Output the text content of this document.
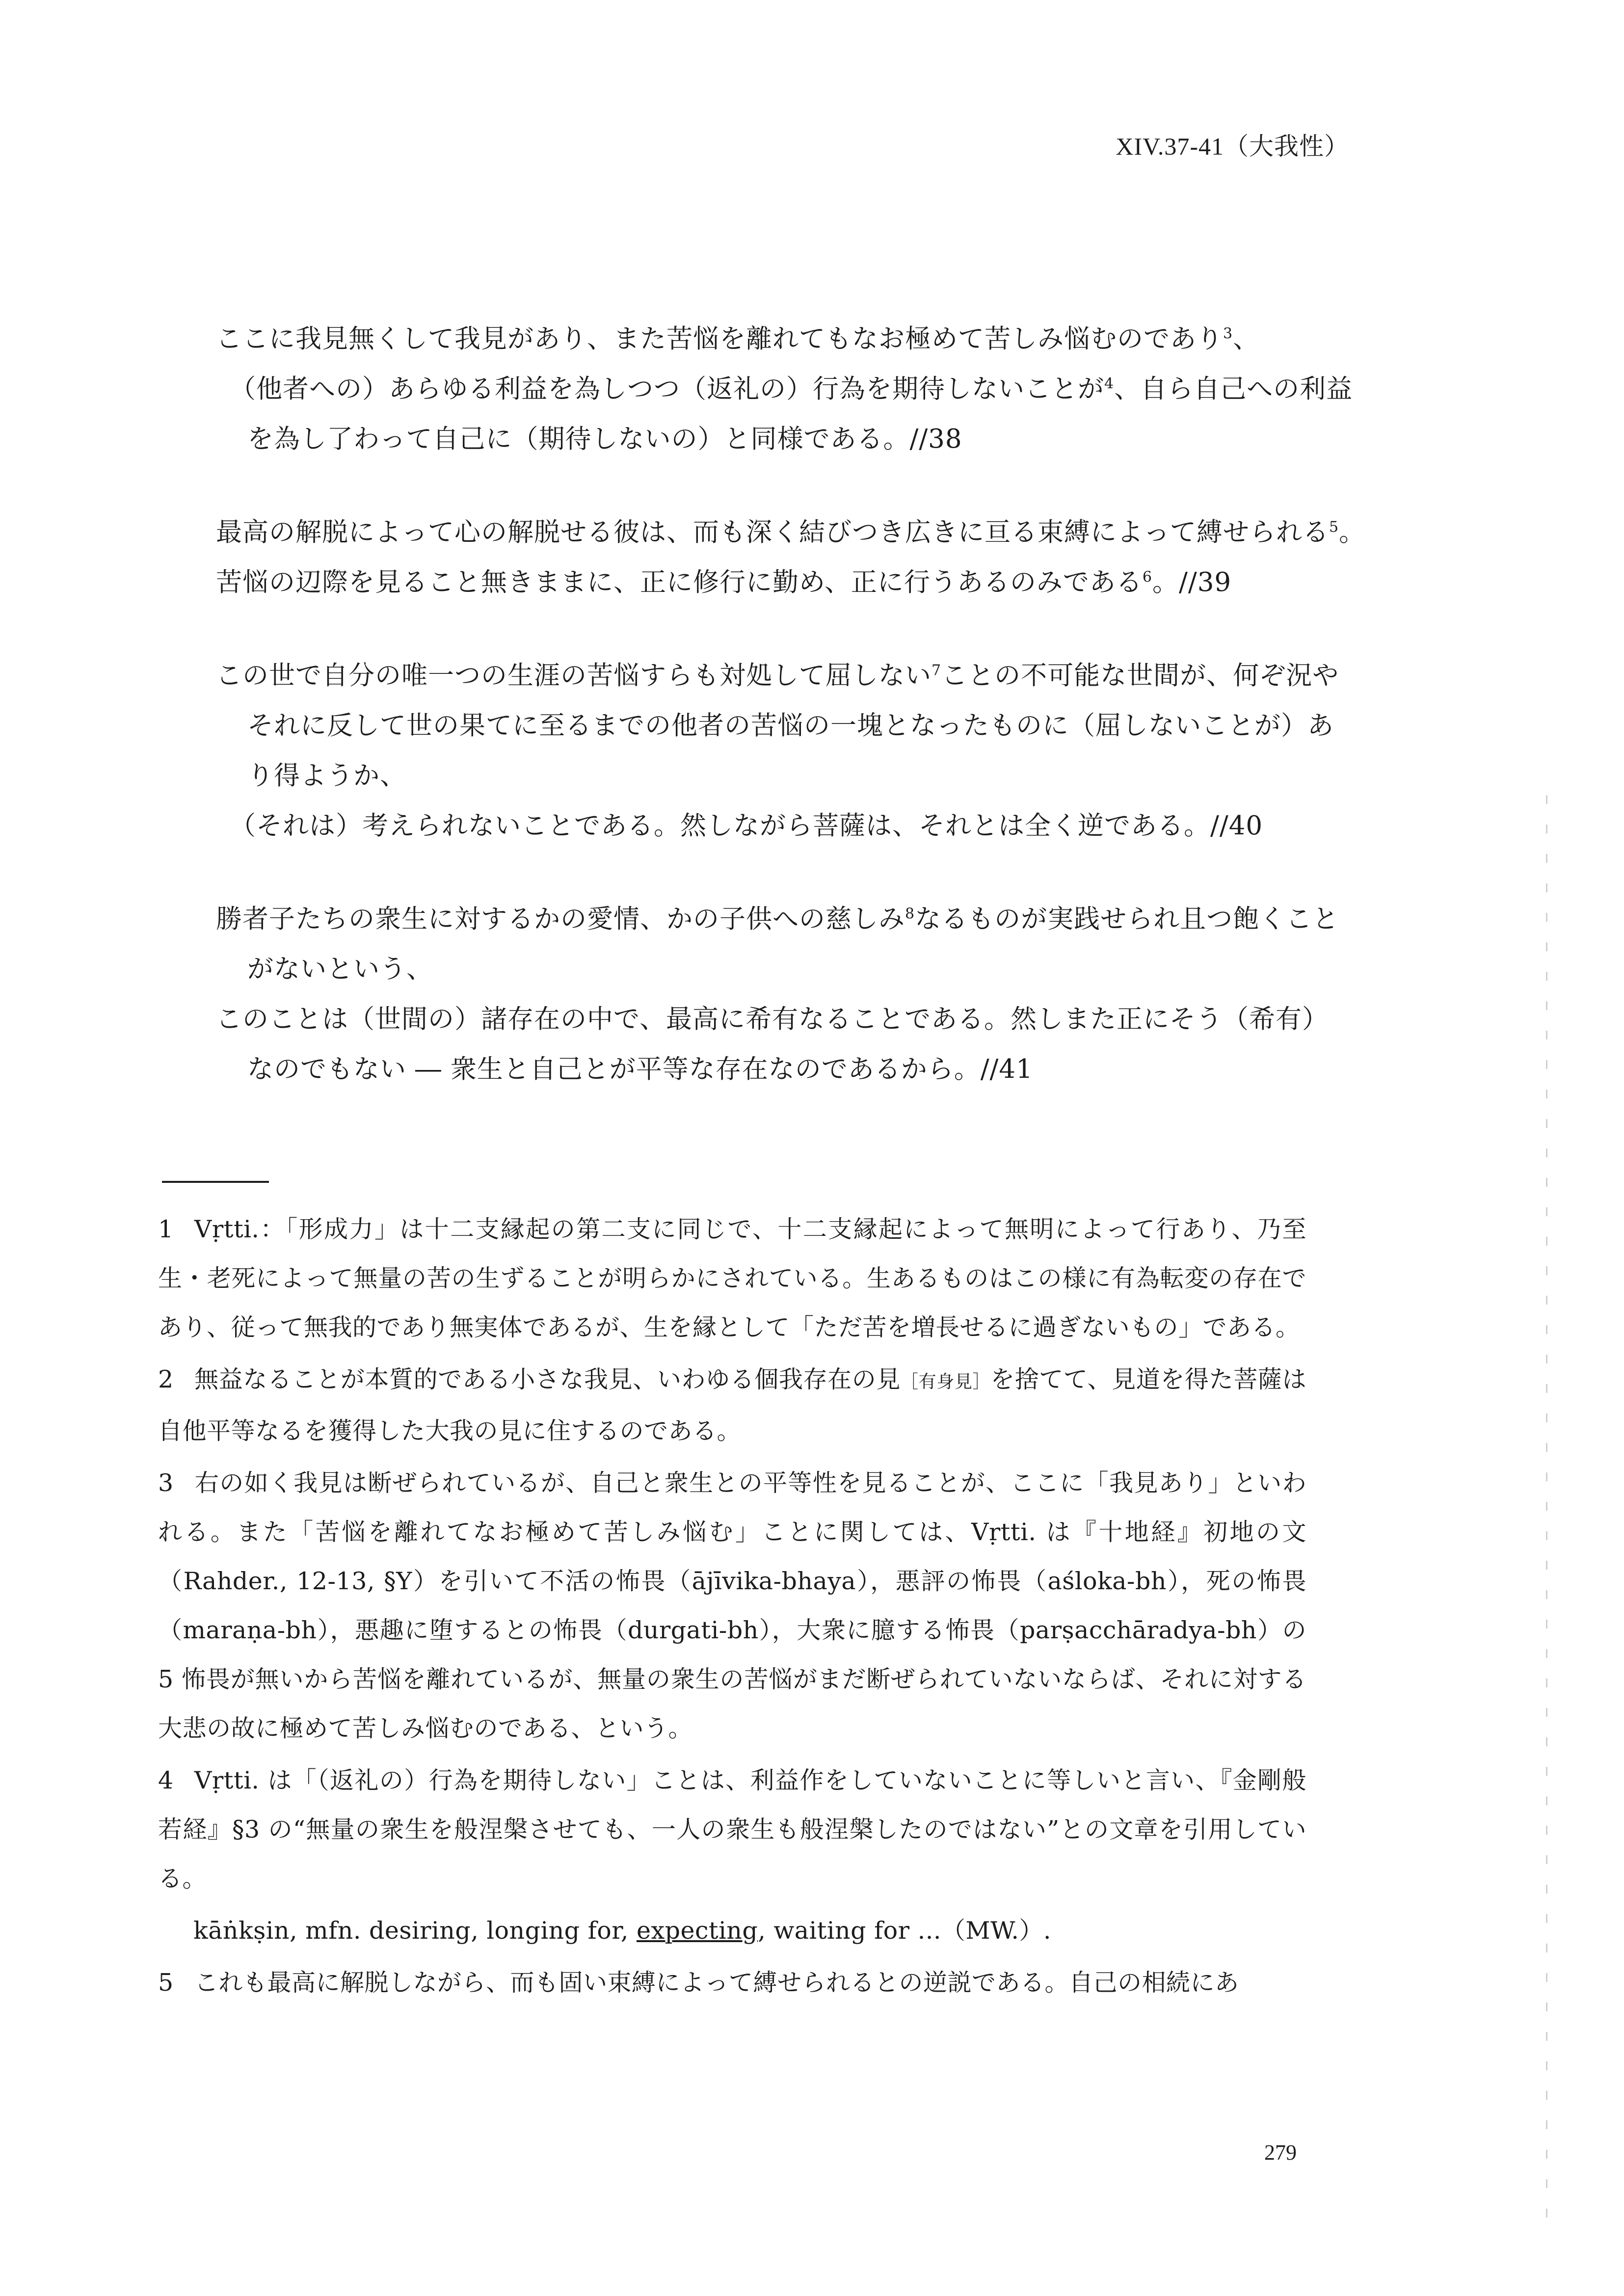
XIV.37-41（大我性）
ここに我見無くして我見があり、また苦悩を離れてもなお極めて苦しみ悩むのであり$^3$、
（他者への）あらゆる利益を為しつつ（返礼の）行為を期待しないことが$^4$、自ら自己への利益
を為し了わって自己に（期待しないの）と同様である。//38
最高の解脱によって心の解脱せる彼は、而も深く結びつき広きに亘る束縛によって縛せられる$^5$。
苦悩の辺際を見ること無きままに、正に修行に勤め、正に行うあるのみである$^6$。//39
この世で自分の唯一つの生涯の苦悩すらも対処して屈しない$^7$ことの不可能な世間が、何ぞ況や
それに反して世の果てに至るまでの他者の苦悩の一塊となったものに（屈しないことが）あ
り得ようか、
（それは）考えられないことである。然しながら菩薩は、それとは全く逆である。//40
勝者子たちの衆生に対するかの愛情、かの子供への慈しみ$^8$なるものが実践せられ且つ飽くこと
がないという、
このことは（世間の）諸存在の中で、最高に希有なることである。然しまた正にそう（希有）
なのでもない ― 衆生と自己とが平等な存在なのであるから。//41

1 Vṛtti.：「形成力」は十二支縁起の第二支に同じで、十二支縁起によって無明によって行あり、乃至生・老死によって無量の苦の生ずることが明らかにされている。生あるものはこの様に有為転変の存在であり、従って無我的であり無実体であるが、生を縁として「ただ苦を増長せるに過ぎないもの」である。

2 無益なることが本質的である小さな我見、いわゆる個我存在の見［有身見］を捨てて、見道を得た菩薩は自他平等なるを獲得した大我の見に住するのである。

3 右の如く我見は断ぜられているが、自己と衆生との平等性を見ることが、ここに「我見あり」といわれる。また「苦悩を離れてなお極めて苦しみ悩む」ことに関しては、Vṛtti. は『十地経』初地の文（Rahder., 12-13, §Y）を引いて不活の怖畏（ājīvika-bhaya），悪評の怖畏（aśloka-bh），死の怖畏（maraṇa-bh），悪趣に堕するとの怖畏（durgati-bh），大衆に臆する怖畏（parṣacchāradya-bh）の 5 怖畏が無いから苦悩を離れているが、無量の衆生の苦悩がまだ断ぜられていないならば、それに対する大悲の故に極めて苦しみ悩むのである、という。

4 Vṛtti. は「（返礼の）行為を期待しない」ことは、利益作をしていないことに等しいと言い、『金剛般若経』§3 の“無量の衆生を般涅槃させても、一人の衆生も般涅槃したのではない”との文章を引用している。

kāṅkṣin, mfn. desiring, longing for, expecting, waiting for ...（MW.）.

5 これも最高に解脱しながら、而も固い束縛によって縛せられるとの逆説である。自己の相続にあ

279
